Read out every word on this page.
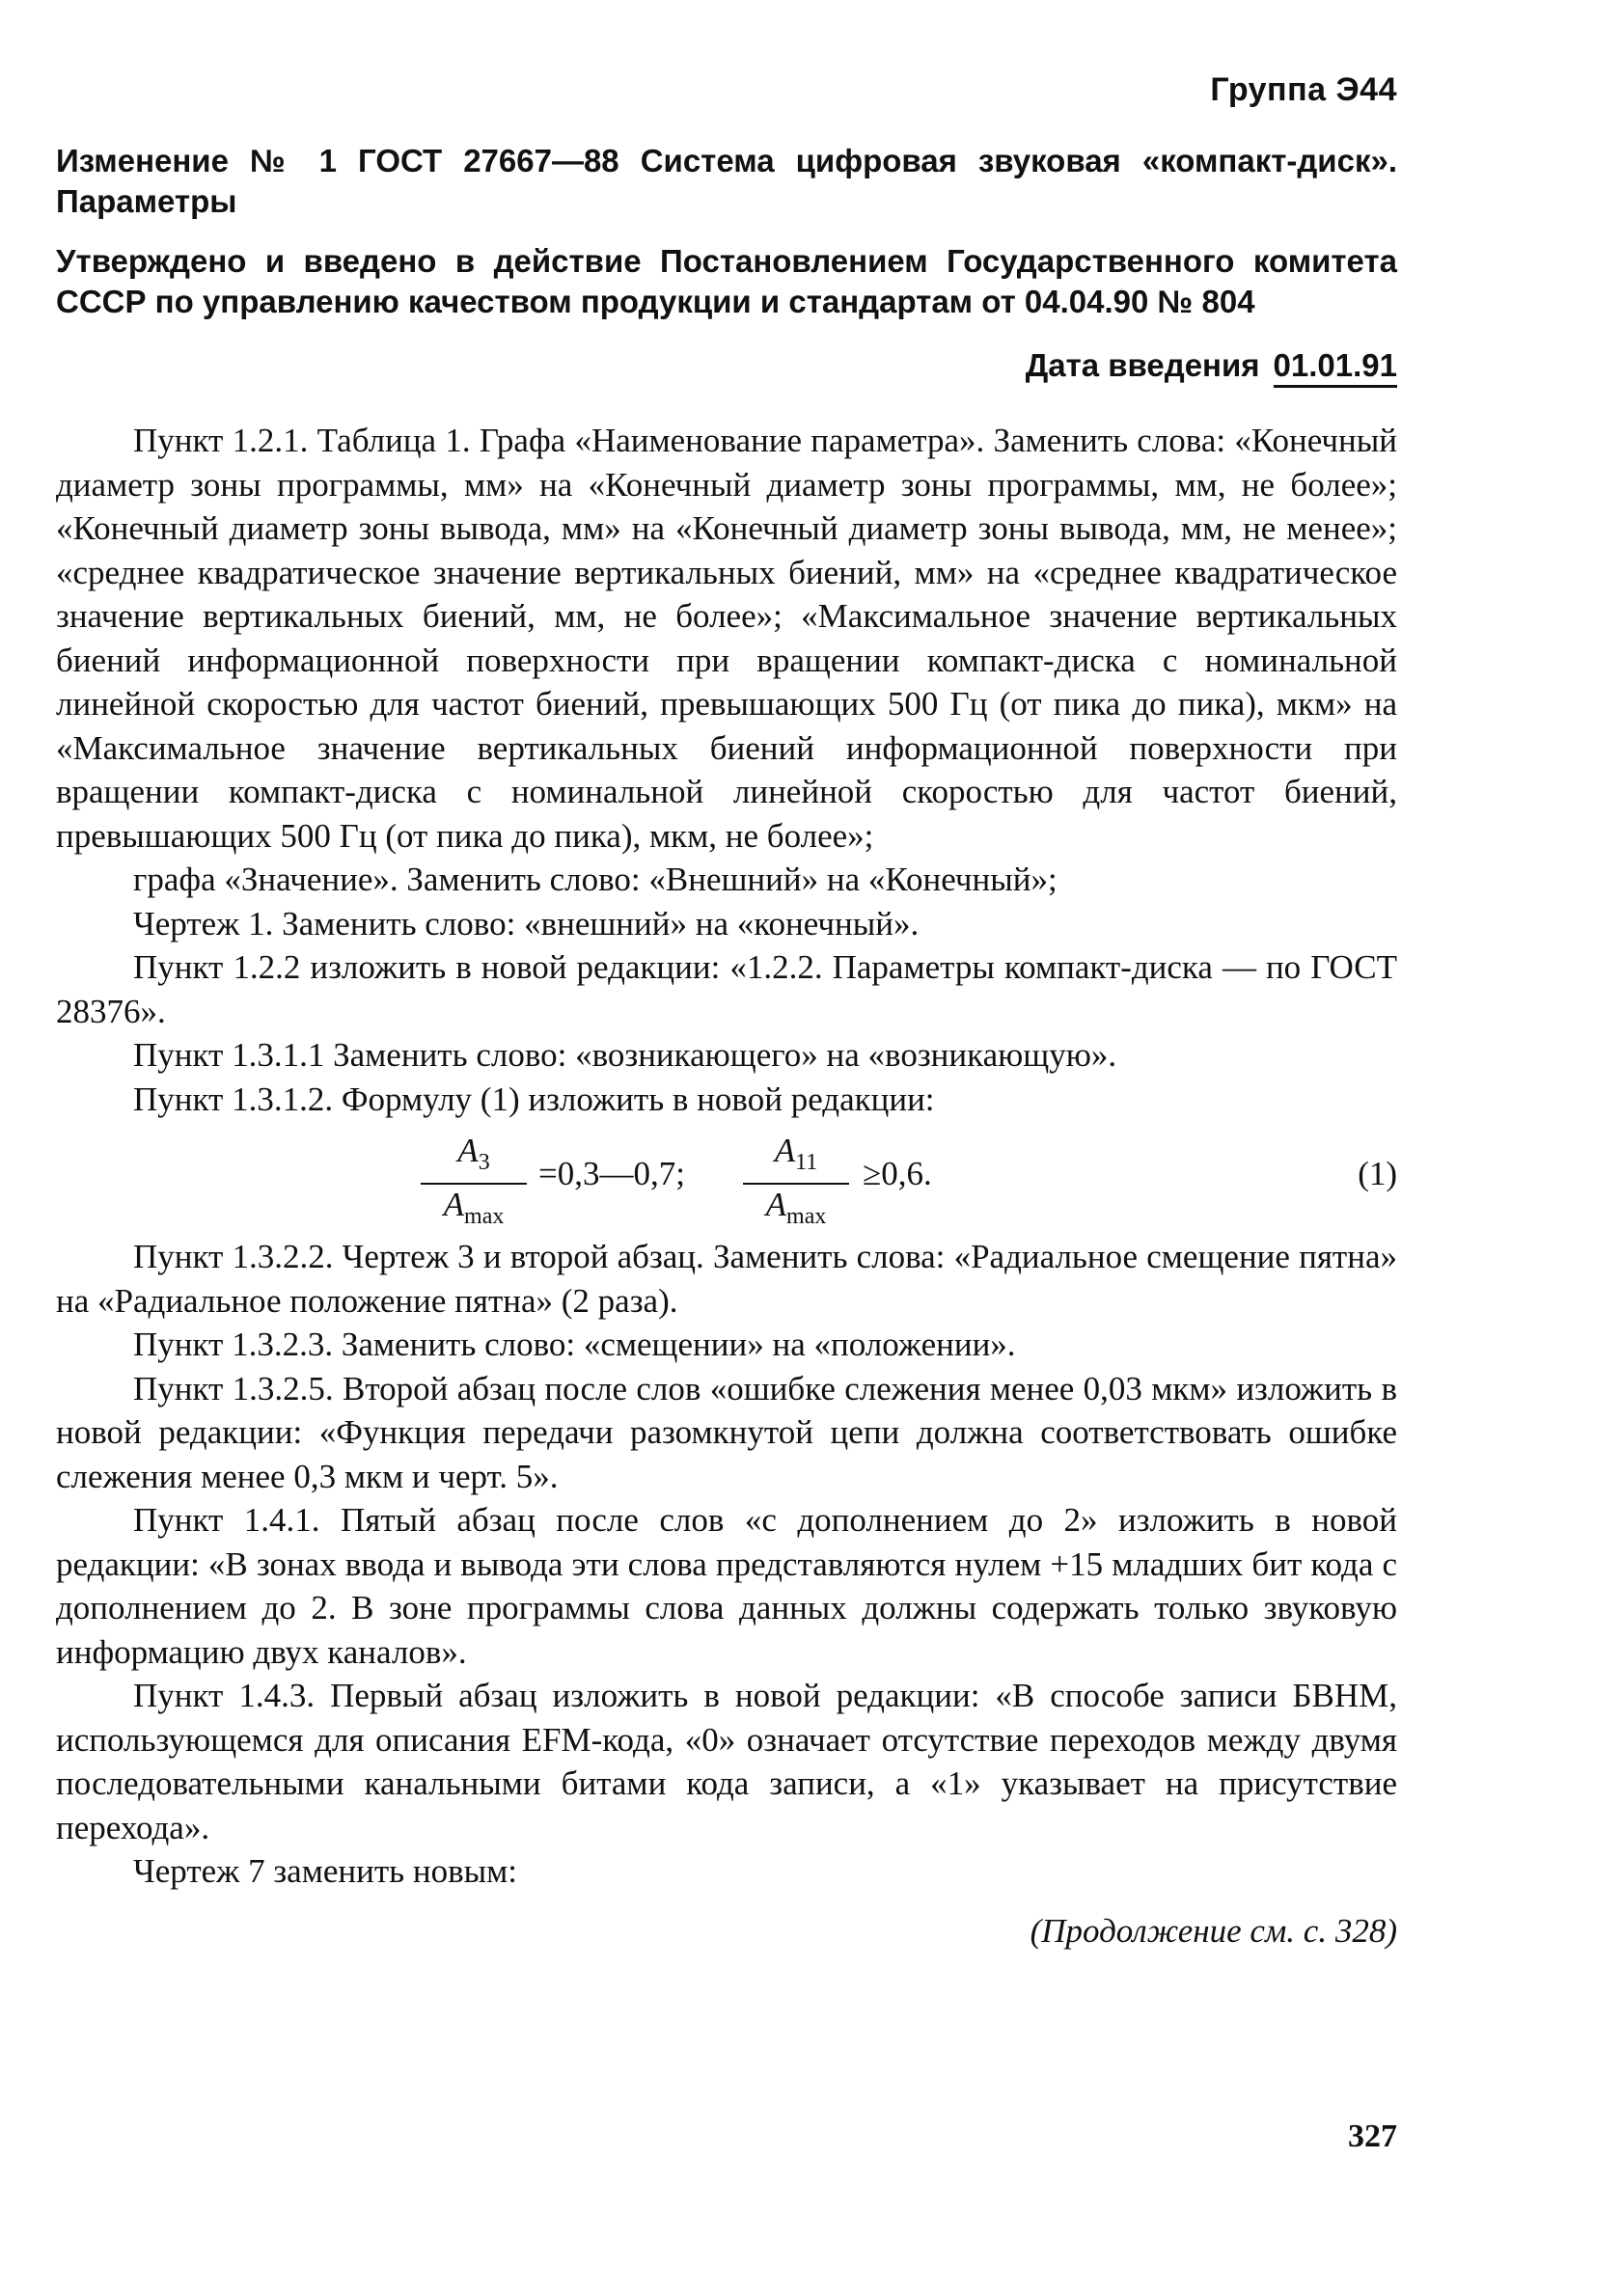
Группа Э44
Изменение № 1 ГОСТ 27667—88 Система цифровая звуковая «компакт-диск». Параметры
Утверждено и введено в действие Постановлением Государственного комитета СССР по управлению качеством продукции и стандартам от 04.04.90 № 804
Дата введения 01.01.91

Пункт 1.2.1. Таблица 1. Графа «Наименование параметра». Заменить слова: «Конечный диаметр зоны программы, мм» на «Конечный диаметр зоны программы, мм, не более»; «Конечный диаметр зоны вывода, мм» на «Конечный диаметр зоны вывода, мм, не менее»; «среднее квадратическое значение вертикальных биений, мм» на «среднее квадратическое значение вертикальных биений, мм, не более»; «Максимальное значение вертикальных биений информационной поверхности при вращении компакт-диска с номинальной линейной скоростью для частот биений, превышающих 500 Гц (от пика до пика), мкм» на «Максимальное значение вертикальных биений информационной поверхности при вращении компакт-диска с номинальной линейной скоростью для частот биений, превышающих 500 Гц (от пика до пика), мкм, не более»;

графа «Значение». Заменить слово: «Внешний» на «Конечный»;

Чертеж 1. Заменить слово: «внешний» на «конечный».

Пункт 1.2.2 изложить в новой редакции: «1.2.2. Параметры компакт-диска — по ГОСТ 28376».

Пункт 1.3.1.1 Заменить слово: «возникающего» на «возникающую».

Пункт 1.3.1.2. Формулу (1) изложить в новой редакции:

$A_3$
$A_{max}$
=0,3—0,7;
$A_{11}$
$A_{max}$
≥0,6.	(1)

Пункт 1.3.2.2. Чертеж 3 и второй абзац. Заменить слова: «Радиальное смещение пятна» на «Радиальное положение пятна» (2 раза).

Пункт 1.3.2.3. Заменить слово: «смещении» на «положении».

Пункт 1.3.2.5. Второй абзац после слов «ошибке слежения менее 0,03 мкм» изложить в новой редакции: «Функция передачи разомкнутой цепи должна соответствовать ошибке слежения менее 0,3 мкм и черт. 5».

Пункт 1.4.1. Пятый абзац после слов «с дополнением до 2» изложить в новой редакции: «В зонах ввода и вывода эти слова представляются нулем +15 младших бит кода с дополнением до 2. В зоне программы слова данных должны содержать только звуковую информацию двух каналов».

Пункт 1.4.3. Первый абзац изложить в новой редакции: «В способе записи БВНМ, использующемся для описания EFM-кода, «0» означает отсутствие переходов между двумя последовательными канальными битами кода записи, а «1» указывает на присутствие перехода».

Чертеж 7 заменить новым:

(Продолжение см. с. 328)
327
